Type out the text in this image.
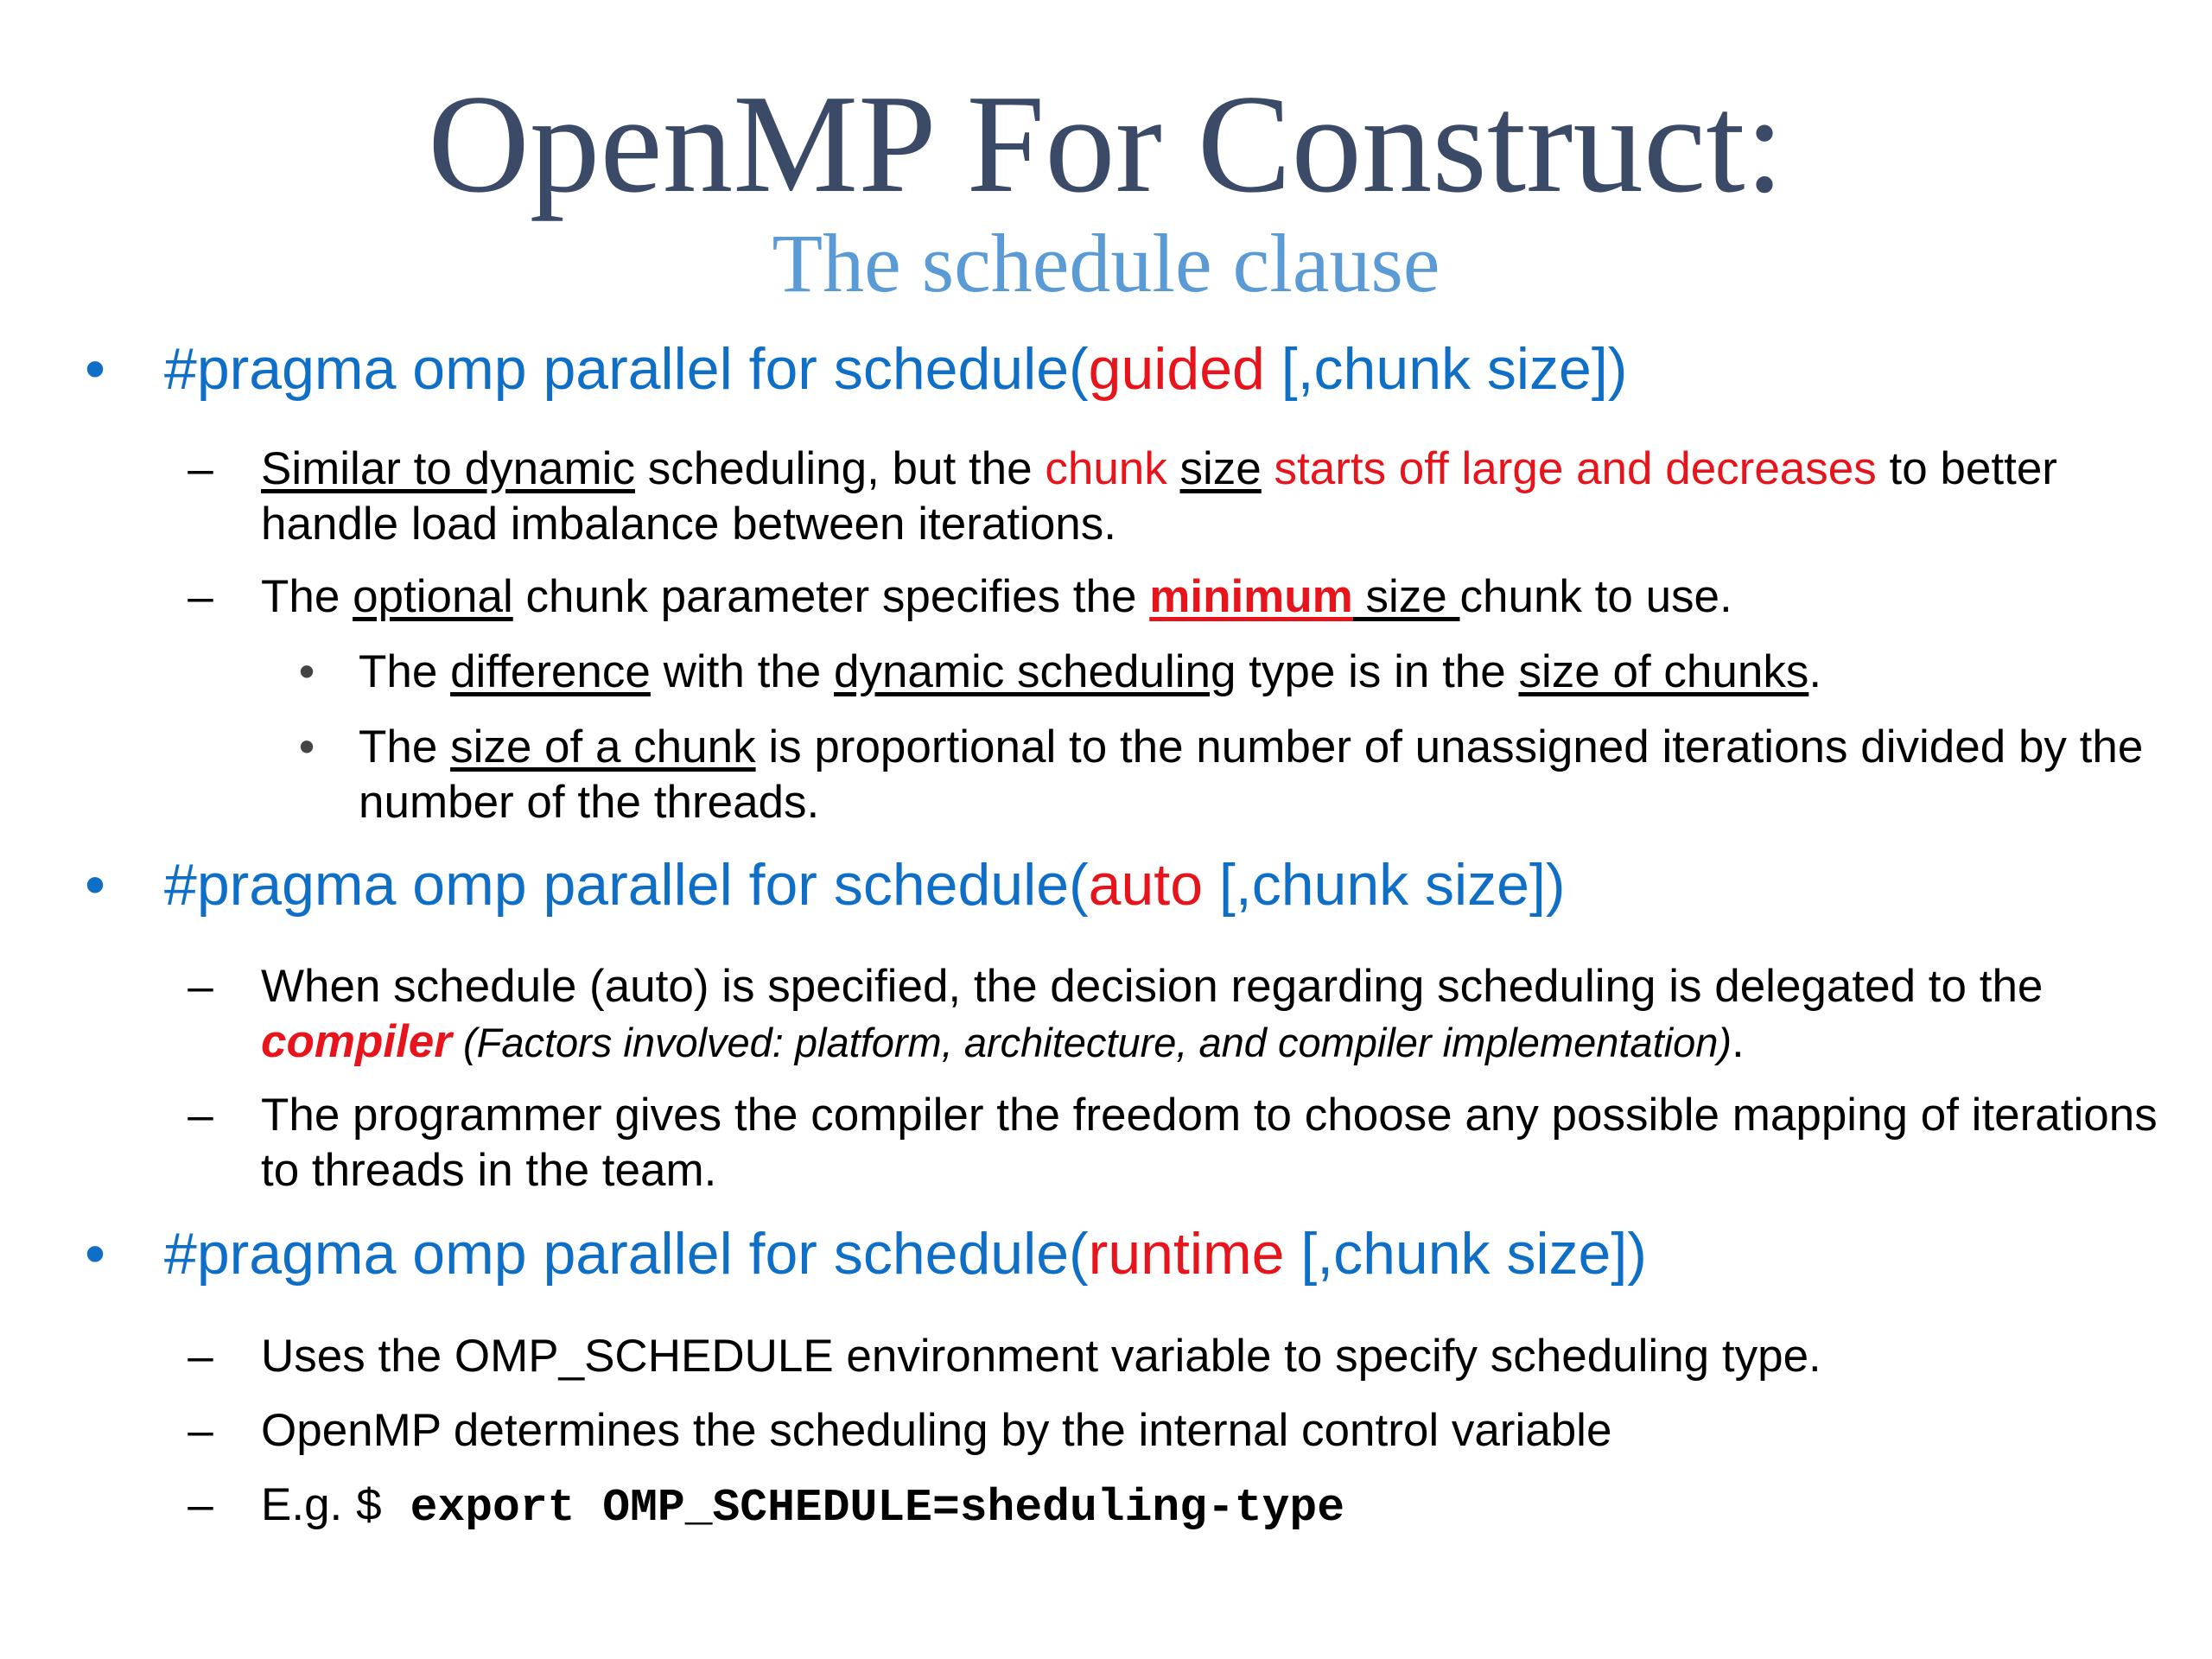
OpenMP For Construct:
The schedule clause
• #pragma omp parallel for schedule(guided [,chunk size])
– Similar to dynamic scheduling, but the chunk size starts off large and decreases to better handle load imbalance between iterations.
– The optional chunk parameter specifies the minimum size chunk to use.
• The difference with the dynamic scheduling type is in the size of chunks.
• The size of a chunk is proportional to the number of unassigned iterations divided by the number of the threads.
• #pragma omp parallel for schedule(auto [,chunk size])
– When schedule (auto) is specified, the decision regarding scheduling is delegated to the compiler (Factors involved: platform, architecture, and compiler implementation).
– The programmer gives the compiler the freedom to choose any possible mapping of iterations to threads in the team.
• #pragma omp parallel for schedule(runtime [,chunk size])
– Uses the OMP_SCHEDULE environment variable to specify scheduling type.
– OpenMP determines the scheduling by the internal control variable
– E.g. $ export OMP_SCHEDULE=sheduling-type
